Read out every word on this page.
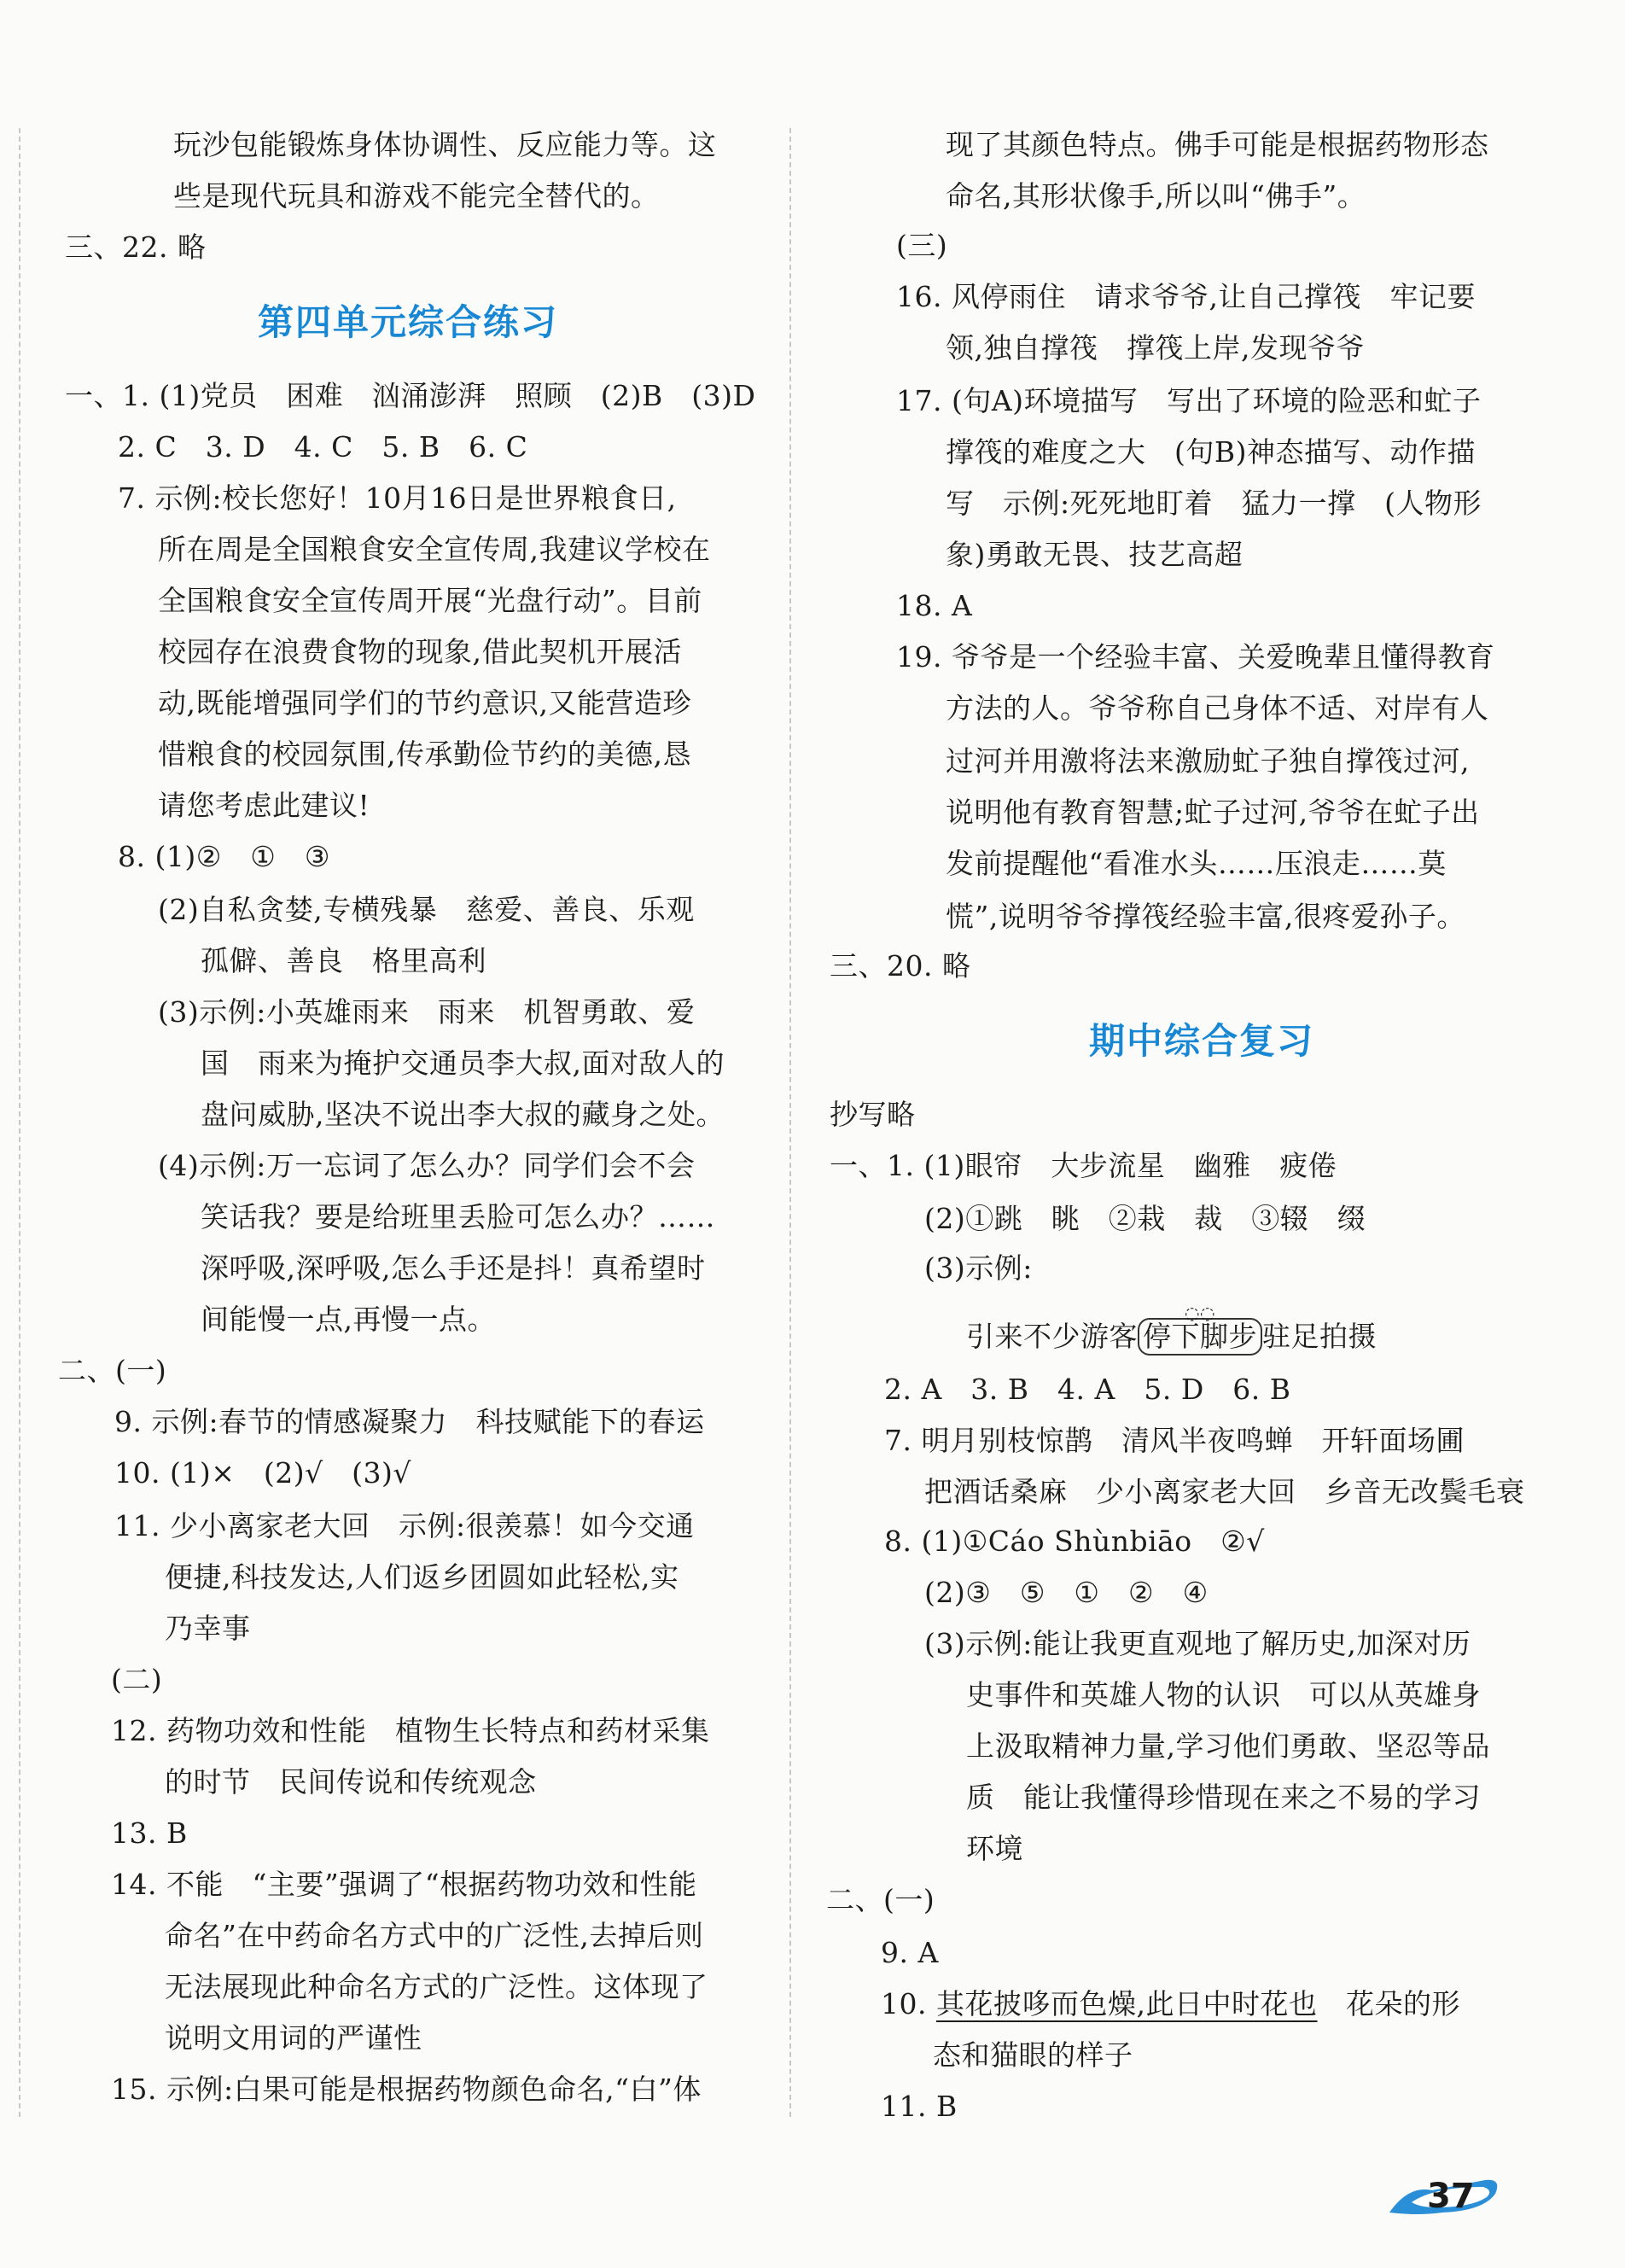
玩沙包能锻炼身体协调性、反应能力等。这
些是现代玩具和游戏不能完全替代的。
三、22. 略
第四单元综合练习
一、1. (1)党员　困难　汹涌澎湃　照顾　(2)B　(3)D
2. C　3. D　4. C　5. B　6. C
7. 示例:校长您好！10月16日是世界粮食日,
所在周是全国粮食安全宣传周,我建议学校在
全国粮食安全宣传周开展“光盘行动”。目前
校园存在浪费食物的现象,借此契机开展活
动,既能增强同学们的节约意识,又能营造珍
惜粮食的校园氛围,传承勤俭节约的美德,恳
请您考虑此建议!
8. (1)②　①　③
(2)自私贪婪,专横残暴　慈爱、善良、乐观
孤僻、善良　格里高利
(3)示例:小英雄雨来　雨来　机智勇敢、爱
国　雨来为掩护交通员李大叔,面对敌人的
盘问威胁,坚决不说出李大叔的藏身之处。
(4)示例:万一忘词了怎么办？同学们会不会
笑话我？要是给班里丢脸可怎么办？……
深呼吸,深呼吸,怎么手还是抖！真希望时
间能慢一点,再慢一点。
二、(一)
9. 示例:春节的情感凝聚力　科技赋能下的春运
10. (1)×　(2)√　(3)√
11. 少小离家老大回　示例:很羡慕！如今交通
便捷,科技发达,人们返乡团圆如此轻松,实
乃幸事
(二)
12. 药物功效和性能　植物生长特点和药材采集
的时节　民间传说和传统观念
13. B
14. 不能　“主要”强调了“根据药物功效和性能
命名”在中药命名方式中的广泛性,去掉后则
无法展现此种命名方式的广泛性。这体现了
说明文用词的严谨性
15. 示例:白果可能是根据药物颜色命名,“白”体
现了其颜色特点。佛手可能是根据药物形态
命名,其形状像手,所以叫“佛手”。
(三)
16. 风停雨住　请求爷爷,让自己撑筏　牢记要
领,独自撑筏　撑筏上岸,发现爷爷
17. (句A)环境描写　写出了环境的险恶和虻子
撑筏的难度之大　(句B)神态描写、动作描
写　示例:死死地盯着　猛力一撑　(人物形
象)勇敢无畏、技艺高超
18. A
19. 爷爷是一个经验丰富、关爱晚辈且懂得教育
方法的人。爷爷称自己身体不适、对岸有人
过河并用激将法来激励虻子独自撑筏过河,
说明他有教育智慧;虻子过河,爷爷在虻子出
发前提醒他“看准水头……压浪走……莫
慌”,说明爷爷撑筏经验丰富,很疼爱孙子。
三、20. 略
期中综合复习
抄写略
一、1. (1)眼帘　大步流星　幽雅　疲倦
(2)①跳　眺　②栽　裁　③辍　缀
(3)示例:
引来不少游客
◌◌
停下脚步 驻足拍摄
2. A　3. B　4. A　5. D　6. B
7. 明月别枝惊鹊　清风半夜鸣蝉　开轩面场圃
把酒话桑麻　少小离家老大回　乡音无改鬓毛衰
8. (1)①Cáo Shùnbiāo　②√
(2)③　⑤　①　②　④
(3)示例:能让我更直观地了解历史,加深对历
史事件和英雄人物的认识　可以从英雄身
上汲取精神力量,学习他们勇敢、坚忍等品
质　能让我懂得珍惜现在来之不易的学习
环境
二、(一)
9. A
10. 其花披哆而色燥,此日中时花也　花朵的形
态和猫眼的样子
11. B
37
